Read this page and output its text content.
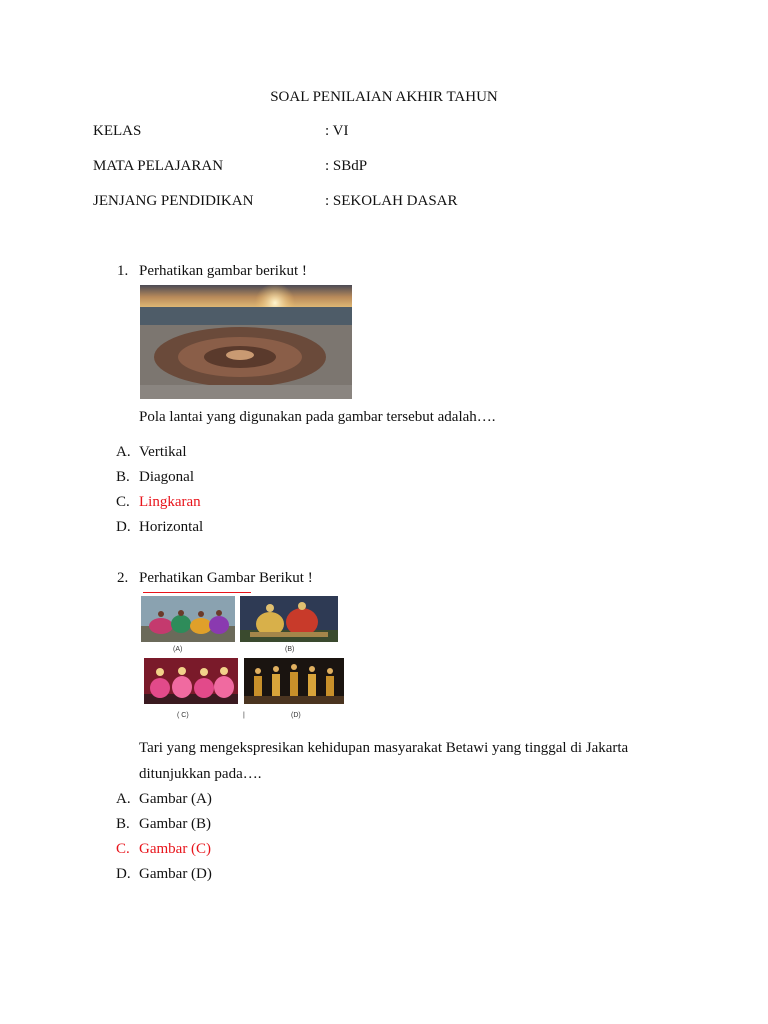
SOAL PENILAIAN AKHIR TAHUN
KELAS	: VI
MATA PELAJARAN	: SBdP
JENJANG PENDIDIKAN	: SEKOLAH DASAR
1. Perhatikan gambar berikut !
Pola lantai yang digunakan pada gambar tersebut adalah….
A. Vertikal
B. Diagonal
C. Lingkaran
D. Horizontal
2. Perhatikan Gambar Berikut !
(A)	(B)
( C)	|	(D)
Tari yang mengekspresikan kehidupan masyarakat Betawi yang tinggal di Jakarta
ditunjukkan pada….
A. Gambar (A)
B. Gambar (B)
C. Gambar (C)
D. Gambar (D)
